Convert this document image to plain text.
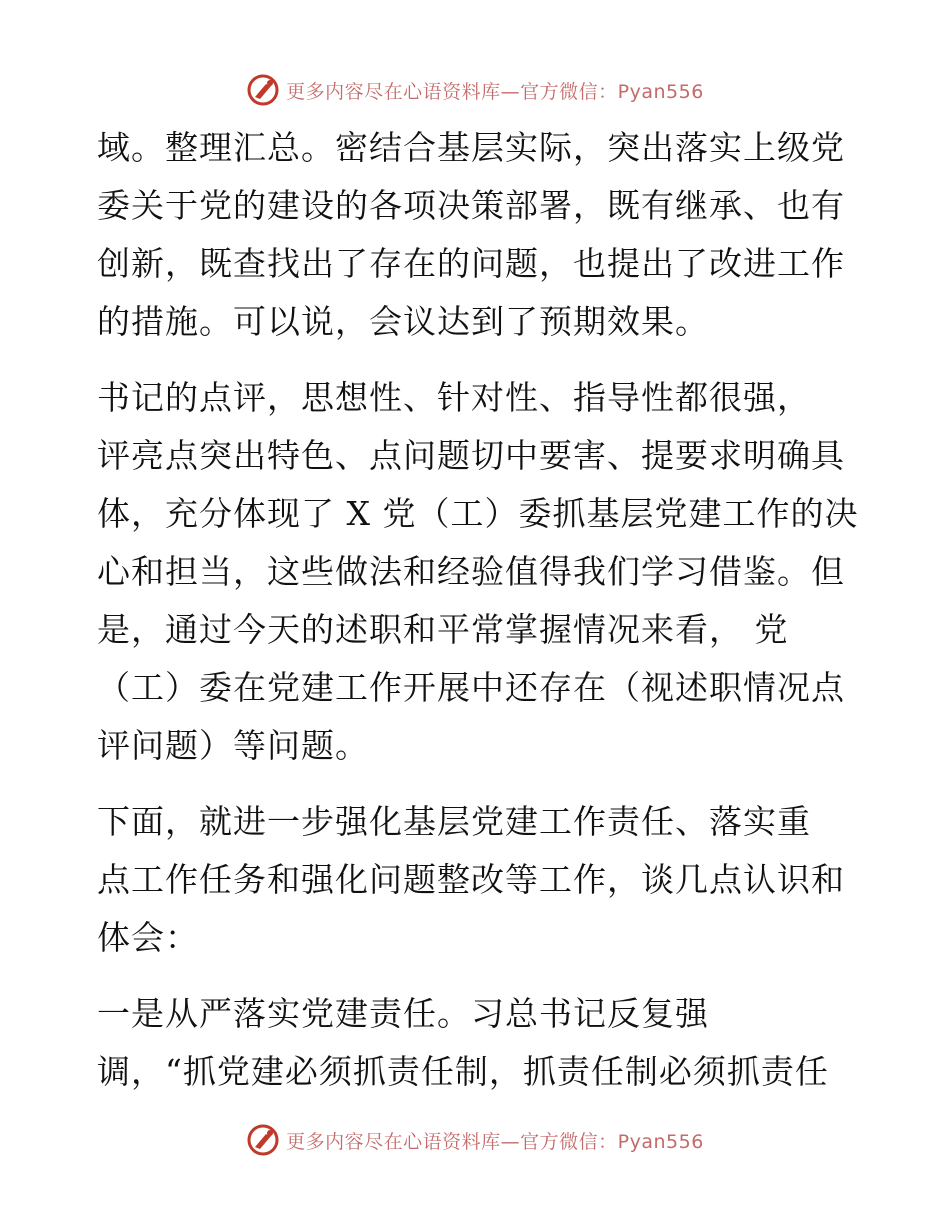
更多内容尽在心语资料库—官方微信：Pyan556

域。整理汇总。密结合基层实际，突出落实上级党
委关于党的建设的各项决策部署，既有继承、也有
创新，既查找出了存在的问题，也提出了改进工作
的措施。可以说，会议达到了预期效果。

书记的点评，思想性、针对性、指导性都很强，
评亮点突出特色、点问题切中要害、提要求明确具
体，充分体现了 X 党（工）委抓基层党建工作的决
心和担当，这些做法和经验值得我们学习借鉴。但
是，通过今天的述职和平常掌握情况来看， 党
（工）委在党建工作开展中还存在（视述职情况点
评问题）等问题。

下面，就进一步强化基层党建工作责任、落实重
点工作任务和强化问题整改等工作，谈几点认识和
体会：

一是从严落实党建责任。习总书记反复强
调，“抓党建必须抓责任制，抓责任制必须抓责任

更多内容尽在心语资料库—官方微信：Pyan556
